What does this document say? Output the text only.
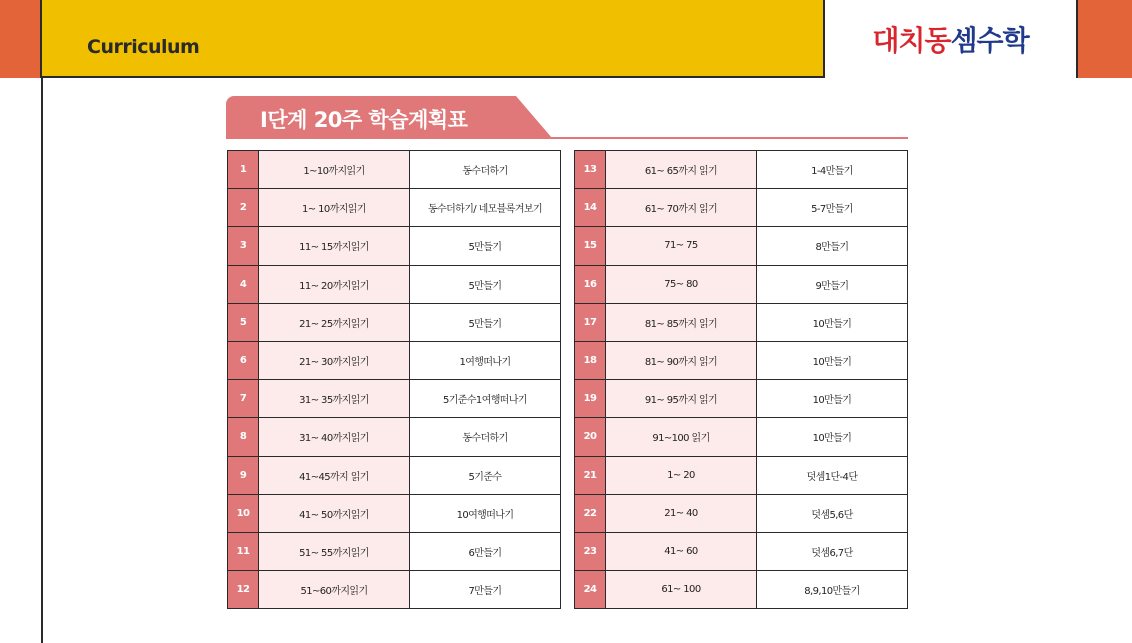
Curriculum	대치동셈수학
Ⅰ단계 20주 학습계획표
1	1~10까지읽기	동수더하기
2	1~ 10까지읽기	동수더하기/ 네모블록겨보기
3	11~ 15까지읽기	5만들기
4	11~ 20까지읽기	5만들기
5	21~ 25까지읽기	5만들기
6	21~ 30까지읽기	1여행떠나기
7	31~ 35까지읽기	5기준수1여행떠나기
8	31~ 40까지읽기	동수더하기
9	41~45까지 읽기	5기준수
10	41~ 50까지읽기	10여행떠나기
11	51~ 55까지읽기	6만들기
12	51~60까지읽기	7만들기
13	61~ 65까지 읽기	1-4만들기
14	61~ 70까지 읽기	5-7만들기
15	71~ 75	8만들기
16	75~ 80	9만들기
17	81~ 85까지 읽기	10만들기
18	81~ 90까지 읽기	10만들기
19	91~ 95까지 읽기	10만들기
20	91~100 읽기	10만들기
21	1~ 20	덧셈1단-4단
22	21~ 40	덧셈5,6단
23	41~ 60	덧셈6,7단
24	61~ 100	8,9,10만들기
